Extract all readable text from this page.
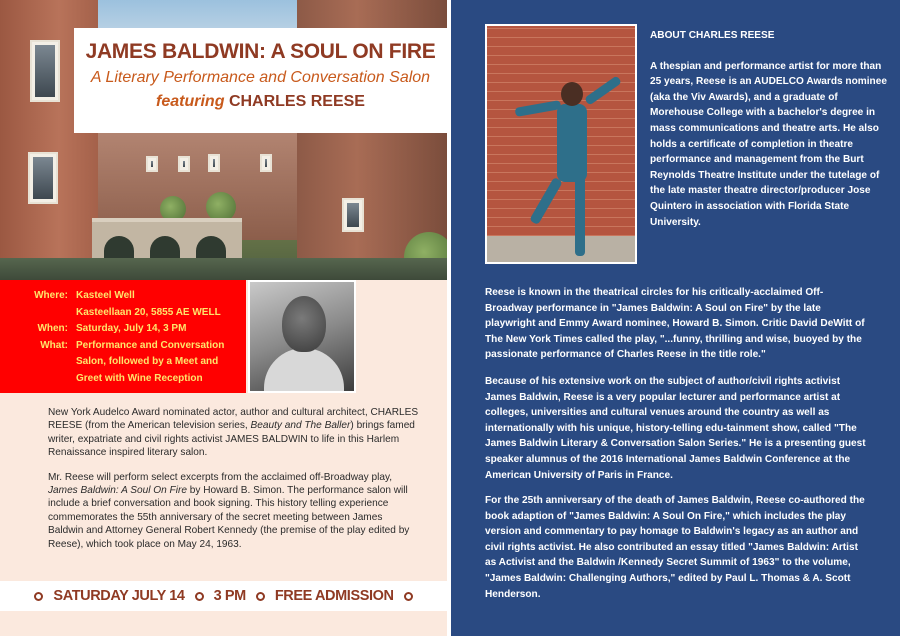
JAMES BALDWIN: A SOUL ON FIRE
A Literary Performance and Conversation Salon
featuring CHARLES REESE
Where: Kasteel Well
Kasteellaan 20, 5855 AE WELL
When: Saturday, July 14, 3 PM
What: Performance and Conversation
Salon, followed by a Meet and
Greet with Wine Reception

New York Audelco Award nominated actor, author and cultural architect, CHARLES REESE (from the American television series, Beauty and The Baller) brings famed writer, expatriate and civil rights activist JAMES BALDWIN to life in this Harlem Renaissance inspired literary salon.

Mr. Reese will perform select excerpts from the acclaimed off-Broadway play, James Baldwin: A Soul On Fire by Howard B. Simon. The performance salon will include a brief conversation and book signing. This history telling experience commemorates the 55th anniversary of the secret meeting between James Baldwin and Attorney General Robert Kennedy (the premise of the play edited by Reese), which took place on May 24, 1963.

SATURDAY JULY 14 3 PM FREE ADMISSION
ABOUT CHARLES REESE
A thespian and performance artist for more than 25 years, Reese is an AUDELCO Awards nominee (aka the Viv Awards), and a graduate of Morehouse College with a bachelor's degree in mass communications and theatre arts. He also holds a certificate of completion in theatre performance and management from the Burt Reynolds Theatre Institute under the tutelage of the late master theatre director/producer Jose Quintero in association with Florida State University.
Reese is known in the theatrical circles for his critically-acclaimed Off-Broadway performance in "James Baldwin: A Soul on Fire" by the late playwright and Emmy Award nominee, Howard B. Simon. Critic David DeWitt of The New York Times called the play, "...funny, thrilling and wise, buoyed by the passionate performance of Charles Reese in the title role."
Because of his extensive work on the subject of author/civil rights activist James Baldwin, Reese is a very popular lecturer and performance artist at colleges, universities and cultural venues around the country as well as internationally with his unique, history-telling edu-tainment show, called "The James Baldwin Literary & Conversation Salon Series." He is a presenting guest speaker alumnus of the 2016 International James Baldwin Conference at the American University of Paris in France.
For the 25th anniversary of the death of James Baldwin, Reese co-authored the book adaption of "James Baldwin: A Soul On Fire," which includes the play version and commentary to pay homage to Baldwin's legacy as an author and civil rights activist. He also contributed an essay titled "James Baldwin: Artist as Activist and the Baldwin /Kennedy Secret Summit of 1963" to the volume, "James Baldwin: Challenging Authors," edited by Paul L. Thomas & A. Scott Henderson.
